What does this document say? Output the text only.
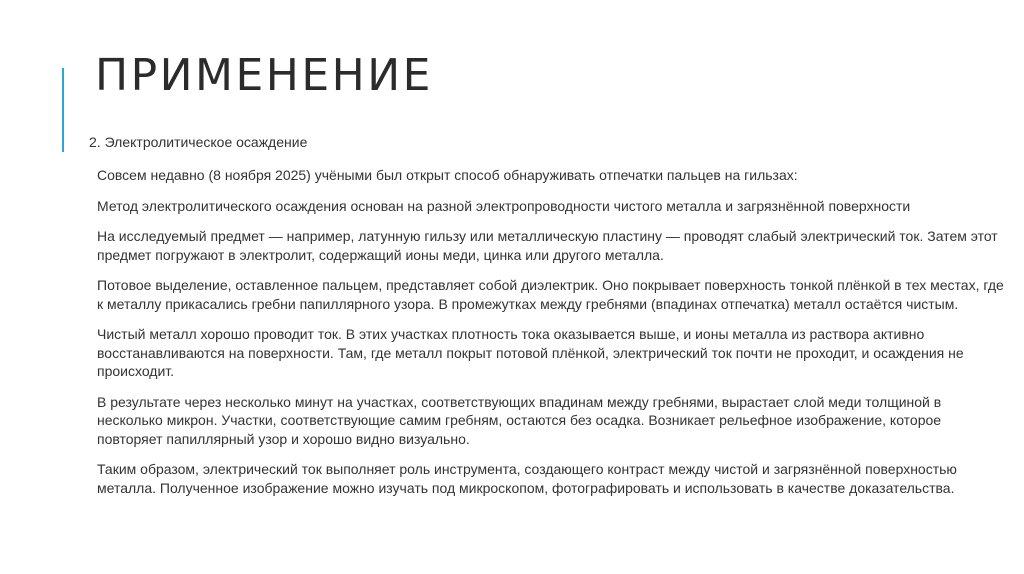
ПРИМЕНЕНИЕ

2. Электролитическое осаждение

Совсем недавно (8 ноября 2025) учёными был открыт способ обнаруживать отпечатки пальцев на гильзах:

Метод электролитического осаждения основан на разной электропроводности чистого металла и загрязнённой поверхности

На исследуемый предмет — например, латунную гильзу или металлическую пластину — проводят слабый электрический ток. Затем этот предмет погружают в электролит, содержащий ионы меди, цинка или другого металла.

Потовое выделение, оставленное пальцем, представляет собой диэлектрик. Оно покрывает поверхность тонкой плёнкой в тех местах, где к металлу прикасались гребни папиллярного узора. В промежутках между гребнями (впадинах отпечатка) металл остаётся чистым.

Чистый металл хорошо проводит ток. В этих участках плотность тока оказывается выше, и ионы металла из раствора активно восстанавливаются на поверхности. Там, где металл покрыт потовой плёнкой, электрический ток почти не проходит, и осаждения не происходит.

В результате через несколько минут на участках, соответствующих впадинам между гребнями, вырастает слой меди толщиной в несколько микрон. Участки, соответствующие самим гребням, остаются без осадка. Возникает рельефное изображение, которое повторяет папиллярный узор и хорошо видно визуально.

Таким образом, электрический ток выполняет роль инструмента, создающего контраст между чистой и загрязнённой поверхностью металла. Полученное изображение можно изучать под микроскопом, фотографировать и использовать в качестве доказательства.
